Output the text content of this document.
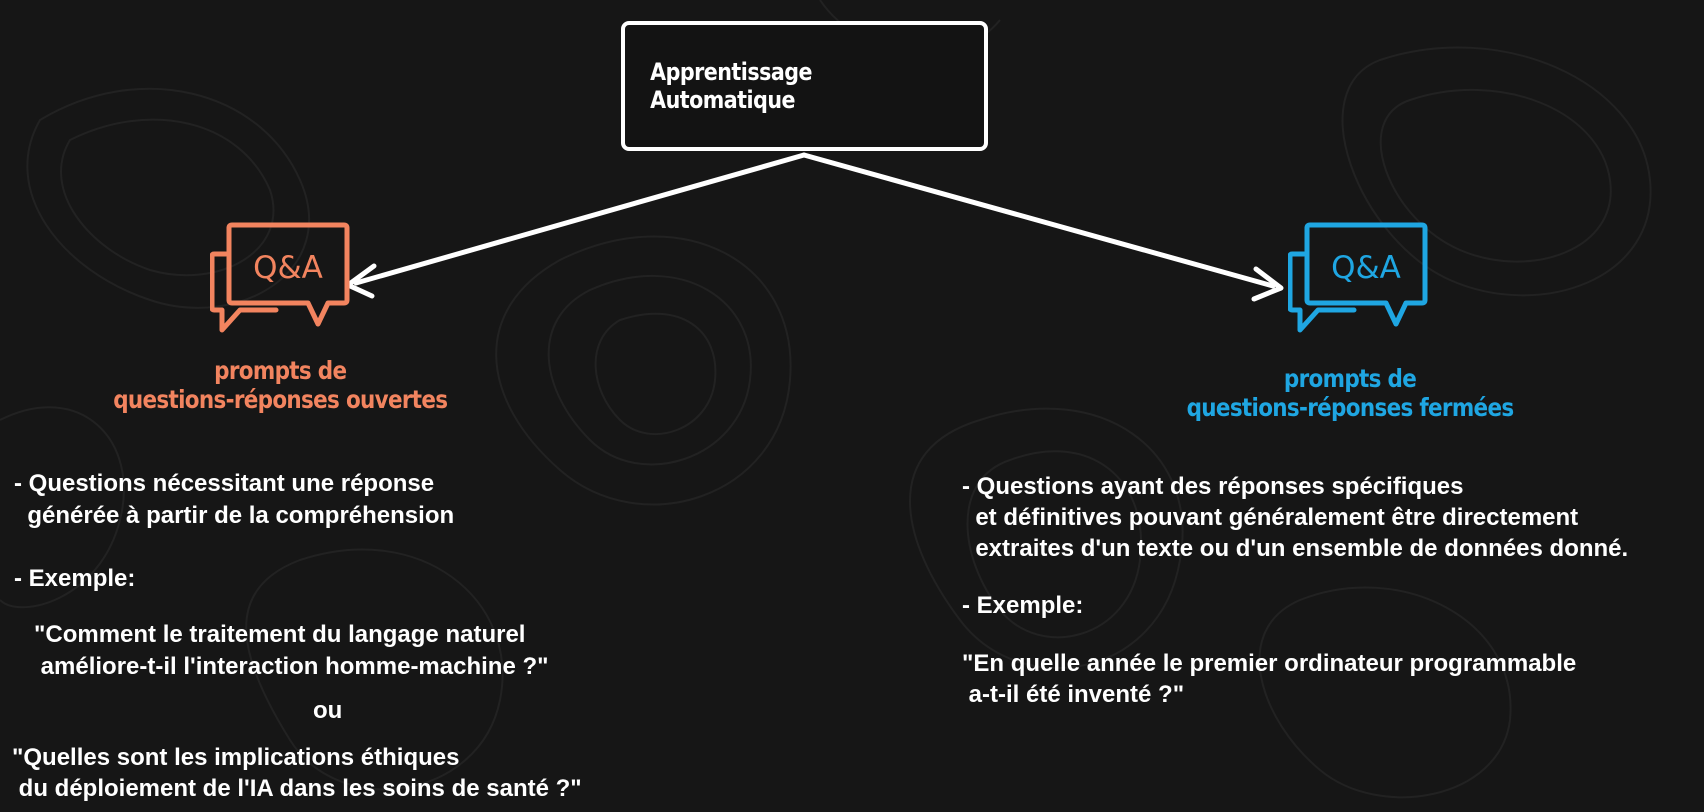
Apprentissage Automatique
Q&A	Q&A
prompts de
questions-réponses ouvertes
prompts de
questions-réponses fermées
- Questions nécessitant une réponse
générée à partir de la compréhension
- Exemple:
"Comment le traitement du langage naturel
améliore-t-il l'interaction homme-machine ?"
ou
"Quelles sont les implications éthiques
du déploiement de l'IA dans les soins de santé ?"
- Questions ayant des réponses spécifiques
et définitives pouvant généralement être directement
extraites d'un texte ou d'un ensemble de données donné.
- Exemple:
"En quelle année le premier ordinateur programmable
a-t-il été inventé ?"
